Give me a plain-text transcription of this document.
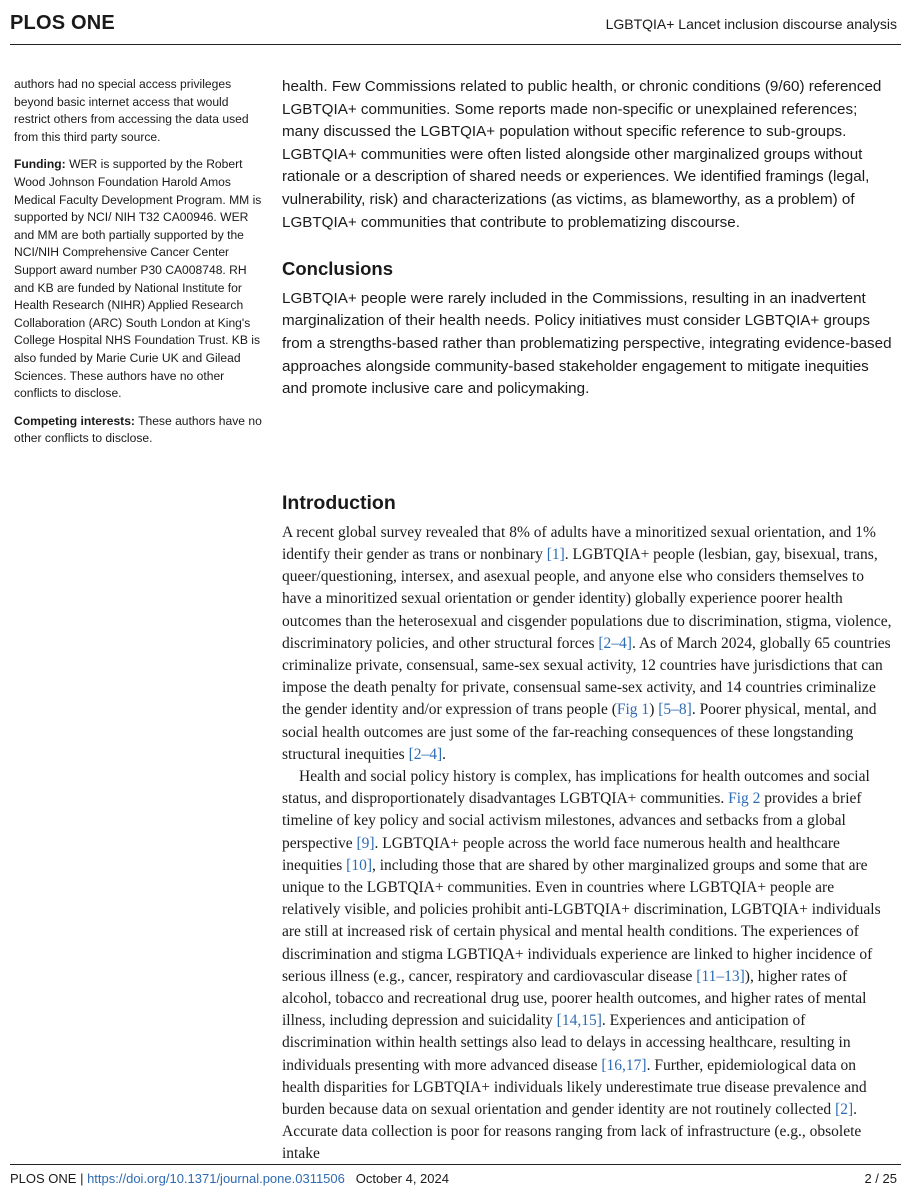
PLOS ONE	LGBTQIA+ Lancet inclusion discourse analysis

authors had no special access privileges beyond basic internet access that would restrict others from accessing the data used from this third party source.

Funding: WER is supported by the Robert Wood Johnson Foundation Harold Amos Medical Faculty Development Program. MM is supported by NCI/ NIH T32 CA00946. WER and MM are both partially supported by the NCI/NIH Comprehensive Cancer Center Support award number P30 CA008748. RH and KB are funded by National Institute for Health Research (NIHR) Applied Research Collaboration (ARC) South London at King's College Hospital NHS Foundation Trust. KB is also funded by Marie Curie UK and Gilead Sciences. These authors have no other conflicts to disclose.

Competing interests: These authors have no other conflicts to disclose.

health. Few Commissions related to public health, or chronic conditions (9/60) referenced LGBTQIA+ communities. Some reports made non-specific or unexplained references; many discussed the LGBTQIA+ population without specific reference to sub-groups. LGBTQIA+ communities were often listed alongside other marginalized groups without rationale or a description of shared needs or experiences. We identified framings (legal, vulnerability, risk) and characterizations (as victims, as blameworthy, as a problem) of LGBTQIA+ communities that contribute to problematizing discourse.

Conclusions

LGBTQIA+ people were rarely included in the Commissions, resulting in an inadvertent marginalization of their health needs. Policy initiatives must consider LGBTQIA+ groups from a strengths-based rather than problematizing perspective, integrating evidence-based approaches alongside community-based stakeholder engagement to mitigate inequities and promote inclusive care and policymaking.

Introduction

A recent global survey revealed that 8% of adults have a minoritized sexual orientation, and 1% identify their gender as trans or nonbinary [1]. LGBTQIA+ people (lesbian, gay, bisexual, trans, queer/questioning, intersex, and asexual people, and anyone else who considers themselves to have a minoritized sexual orientation or gender identity) globally experience poorer health outcomes than the heterosexual and cisgender populations due to discrimination, stigma, violence, discriminatory policies, and other structural forces [2–4]. As of March 2024, globally 65 countries criminalize private, consensual, same-sex sexual activity, 12 countries have jurisdictions that can impose the death penalty for private, consensual same-sex activity, and 14 countries criminalize the gender identity and/or expression of trans people (Fig 1) [5–8]. Poorer physical, mental, and social health outcomes are just some of the far-reaching consequences of these longstanding structural inequities [2–4].

Health and social policy history is complex, has implications for health outcomes and social status, and disproportionately disadvantages LGBTQIA+ communities. Fig 2 provides a brief timeline of key policy and social activism milestones, advances and setbacks from a global perspective [9]. LGBTQIA+ people across the world face numerous health and healthcare inequities [10], including those that are shared by other marginalized groups and some that are unique to the LGBTQIA+ communities. Even in countries where LGBTQIA+ people are relatively visible, and policies prohibit anti-LGBTQIA+ discrimination, LGBTQIA+ individuals are still at increased risk of certain physical and mental health conditions. The experiences of discrimination and stigma LGBTIQA+ individuals experience are linked to higher incidence of serious illness (e.g., cancer, respiratory and cardiovascular disease [11–13]), higher rates of alcohol, tobacco and recreational drug use, poorer health outcomes, and higher rates of mental illness, including depression and suicidality [14,15]. Experiences and anticipation of discrimination within health settings also lead to delays in accessing healthcare, resulting in individuals presenting with more advanced disease [16,17]. Further, epidemiological data on health disparities for LGBTQIA+ individuals likely underestimate true disease prevalence and burden because data on sexual orientation and gender identity are not routinely collected [2]. Accurate data collection is poor for reasons ranging from lack of infrastructure (e.g., obsolete intake

PLOS ONE | https://doi.org/10.1371/journal.pone.0311506 October 4, 2024	2 / 25
